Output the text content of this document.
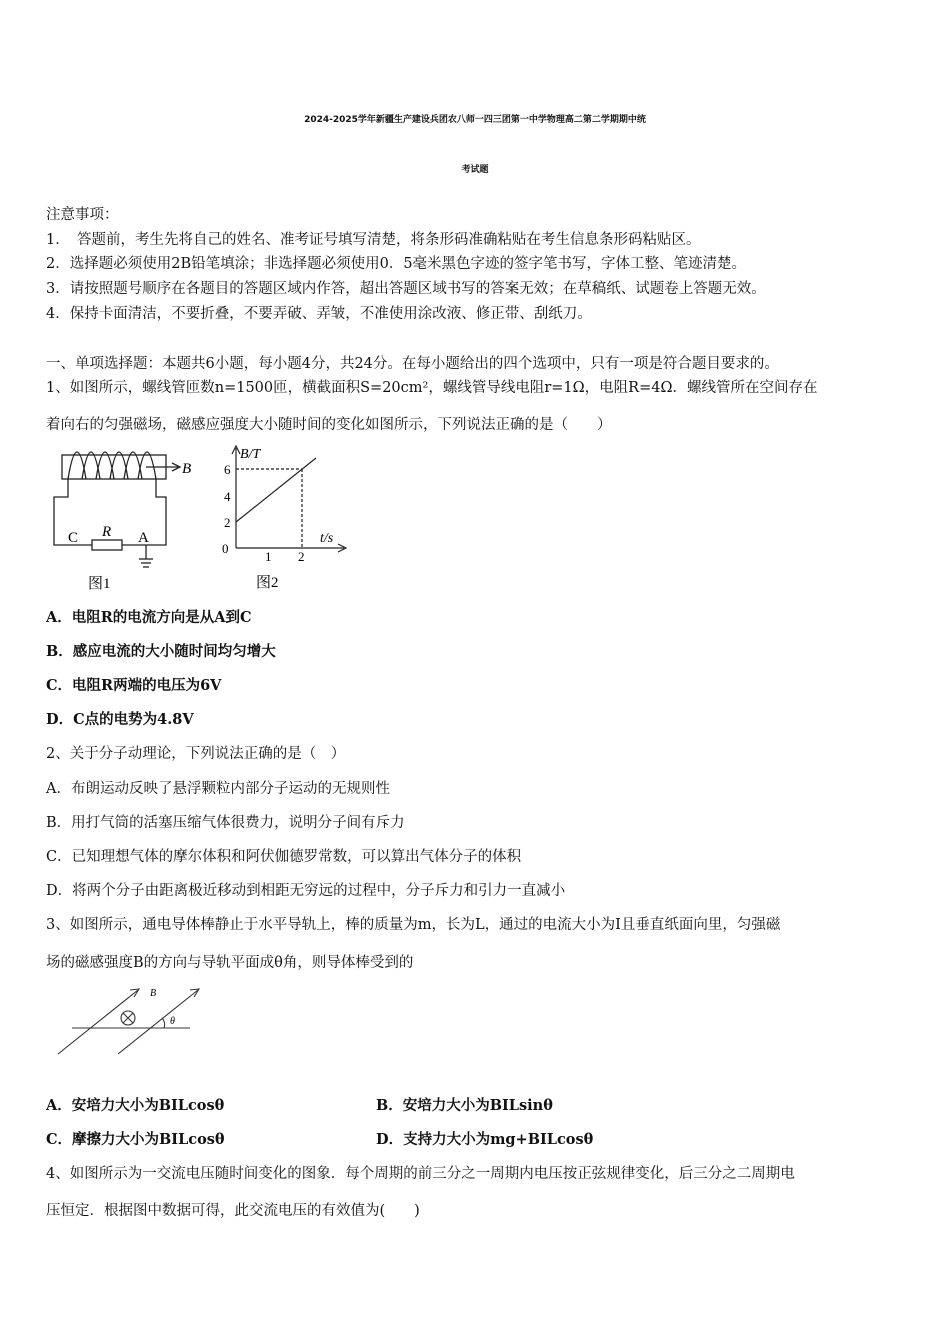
2024-2025学年新疆生产建设兵团农八师一四三团第一中学物理高二第二学期期中统
考试题
注意事项：
1．　答题前，考生先将自己的姓名、准考证号填写清楚，将条形码准确粘贴在考生信息条形码粘贴区。
2．选择题必须使用2B铅笔填涂；非选择题必须使用0．5毫米黑色字迹的签字笔书写，字体工整、笔迹清楚。
3．请按照题号顺序在各题目的答题区域内作答，超出答题区域书写的答案无效；在草稿纸、试题卷上答题无效。
4．保持卡面清洁，不要折叠，不要弄破、弄皱，不准使用涂改液、修正带、刮纸刀。
一、单项选择题：本题共6小题，每小题4分，共24分。在每小题给出的四个选项中，只有一项是符合题目要求的。
1、如图所示，螺线管匝数n=1500匝，横截面积S=20cm²，螺线管导线电阻r=1Ω，电阻R=4Ω．螺线管所在空间存在
着向右的匀强磁场，磁感应强度大小随时间的变化如图所示，下列说法正确的是（　　）
B
C R A
图1
B/T
t/s
0
2
4
6
1 2
图2
A．电阻R的电流方向是从A到C
B．感应电流的大小随时间均匀增大
C．电阻R两端的电压为6V
D．C点的电势为4.8V
2、关于分子动理论，下列说法正确的是（　）
A．布朗运动反映了悬浮颗粒内部分子运动的无规则性
B．用打气筒的活塞压缩气体很费力，说明分子间有斥力
C．已知理想气体的摩尔体积和阿伏伽德罗常数，可以算出气体分子的体积
D．将两个分子由距离极近移动到相距无穷远的过程中，分子斥力和引力一直减小
3、如图所示，通电导体棒静止于水平导轨上，棒的质量为m，长为L，通过的电流大小为I且垂直纸面向里，匀强磁
场的磁感强度B的方向与导轨平面成θ角，则导体棒受到的
B
θ
A．安培力大小为BILcosθ	B．安培力大小为BILsinθ
C．摩擦力大小为BILcosθ	D．支持力大小为mg+BILcosθ
4、如图所示为一交流电压随时间变化的图象．每个周期的前三分之一周期内电压按正弦规律变化，后三分之二周期电
压恒定．根据图中数据可得，此交流电压的有效值为(　　)
